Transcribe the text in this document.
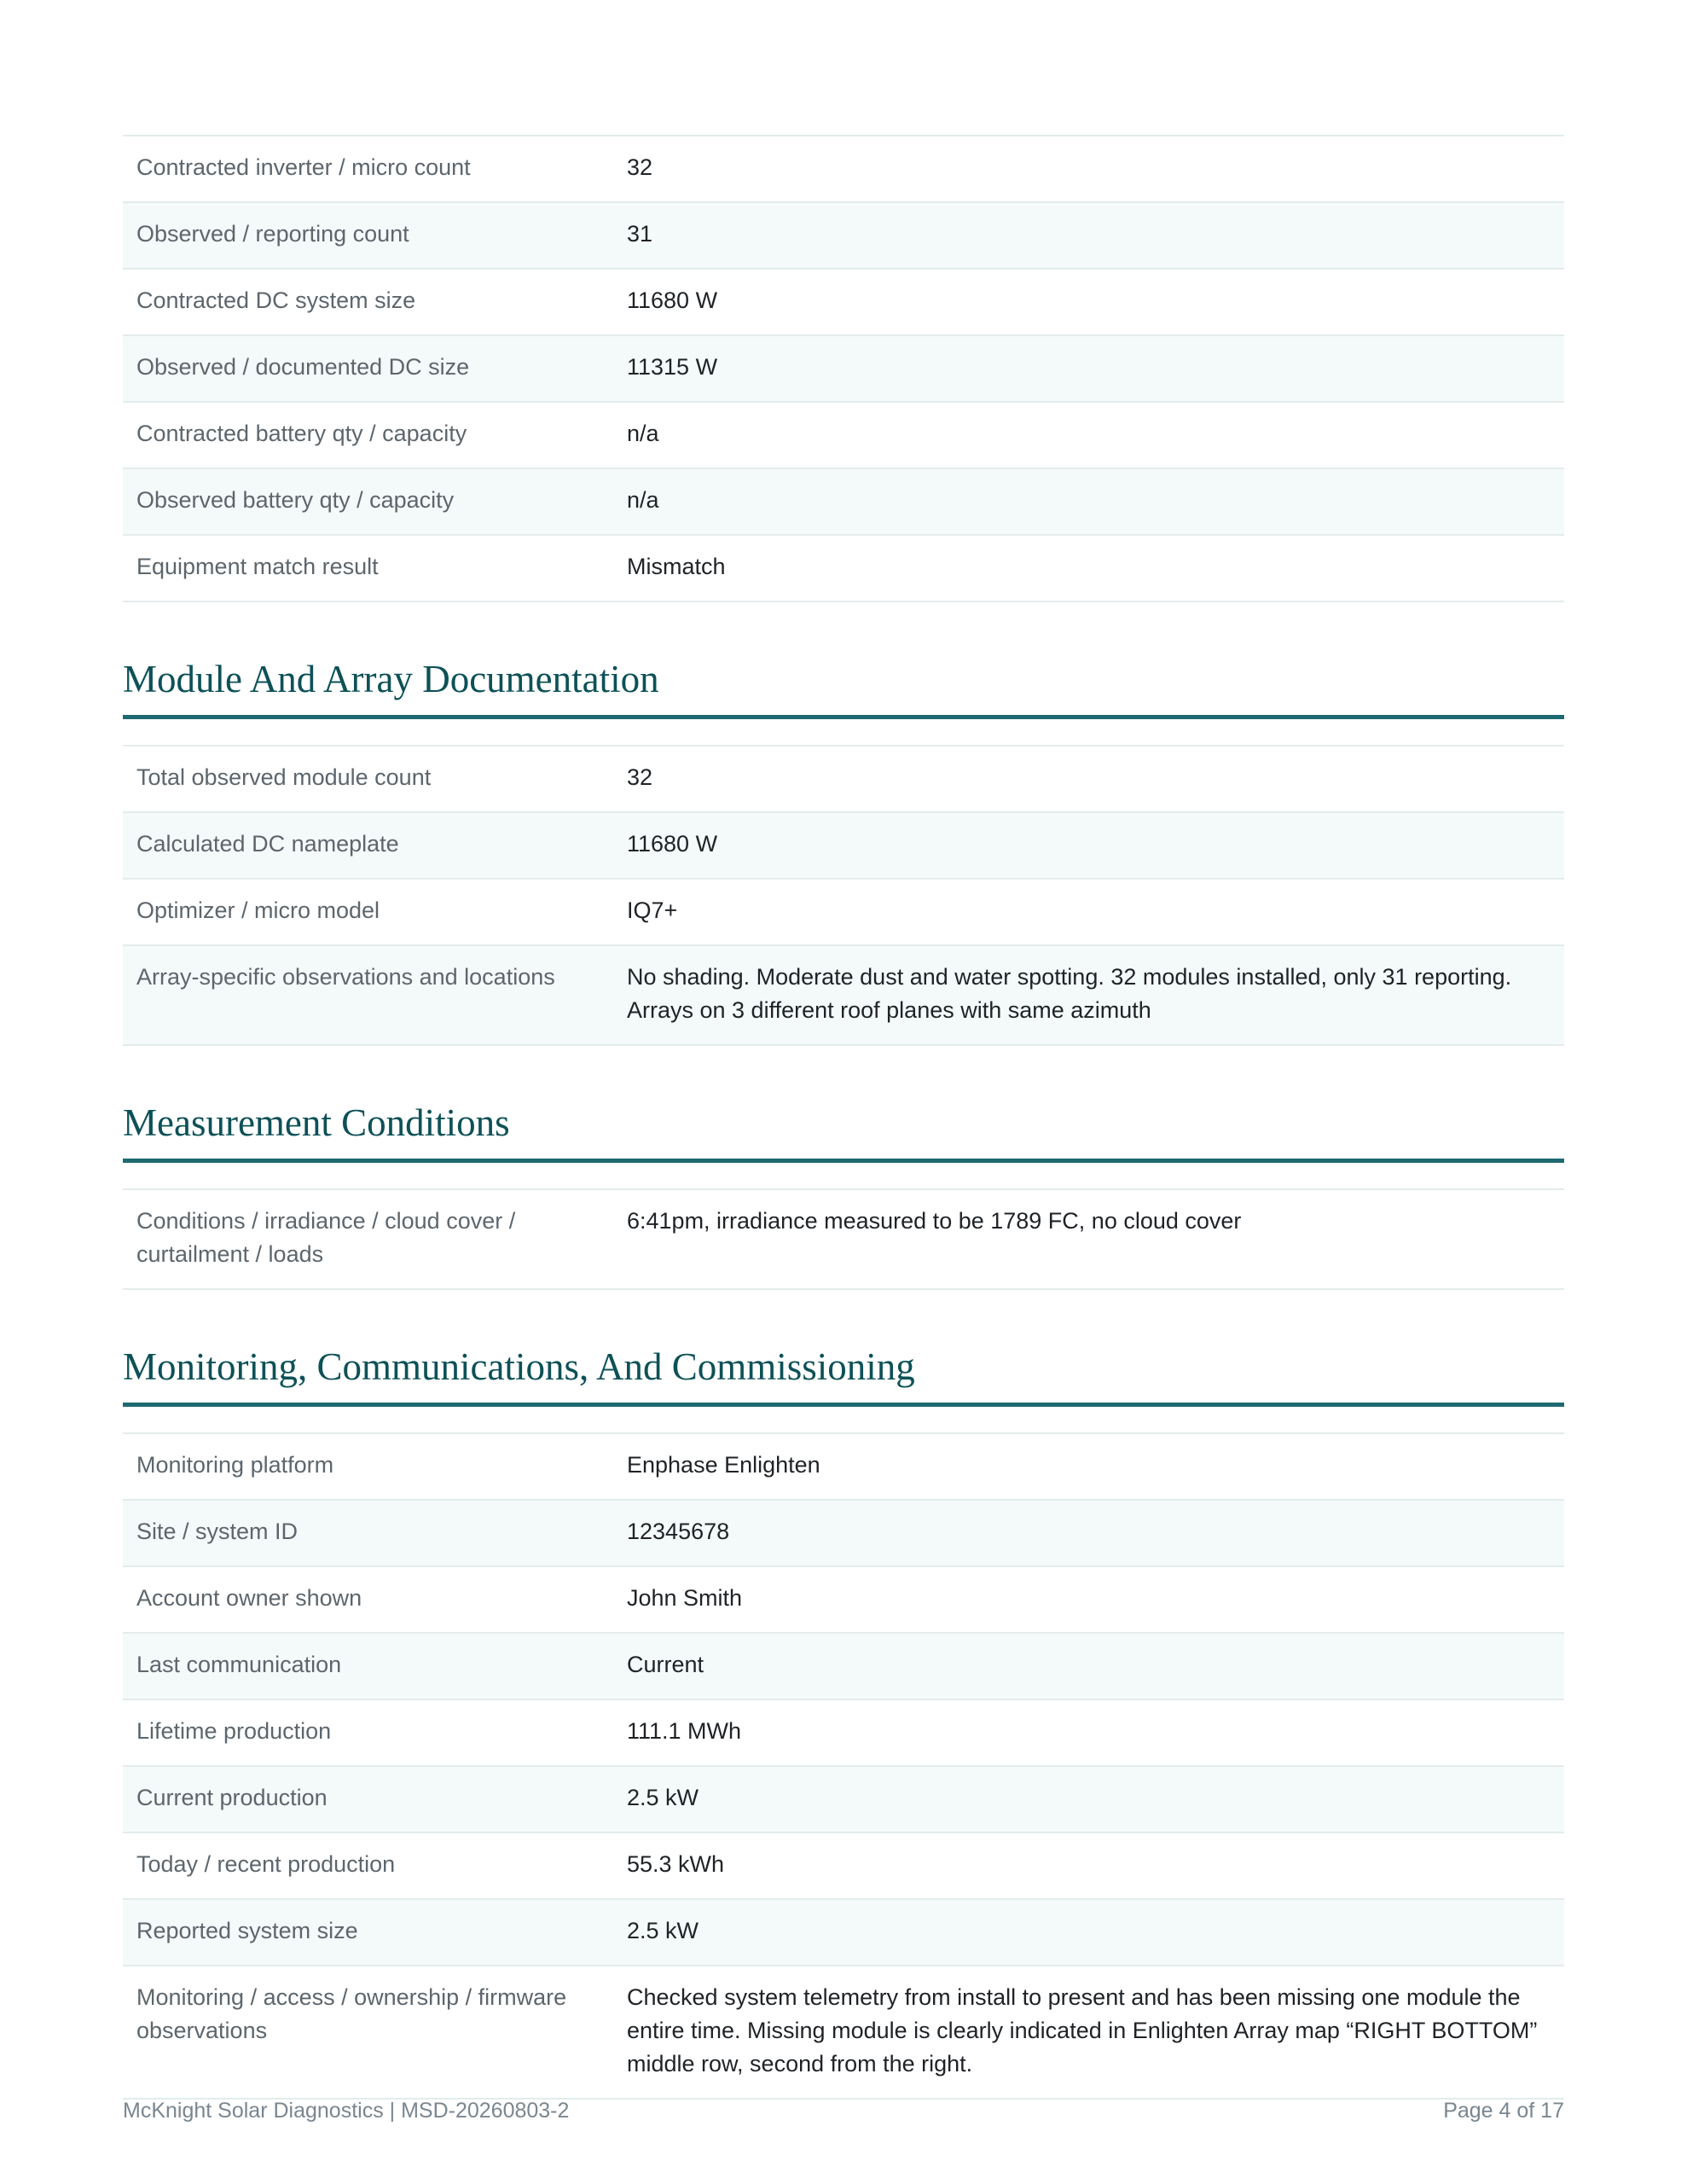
Contracted inverter / micro count	32
Observed / reporting count	31
Contracted DC system size	11680 W
Observed / documented DC size	11315 W
Contracted battery qty / capacity	n/a
Observed battery qty / capacity	n/a
Equipment match result	Mismatch
Module And Array Documentation
Total observed module count	32
Calculated DC nameplate	11680 W
Optimizer / micro model	IQ7+
Array-specific observations and locations	No shading. Moderate dust and water spotting. 32 modules installed, only 31 reporting. Arrays on 3 different roof planes with same azimuth
Measurement Conditions
Conditions / irradiance / cloud cover / curtailment / loads	6:41pm, irradiance measured to be 1789 FC, no cloud cover
Monitoring, Communications, And Commissioning
Monitoring platform	Enphase Enlighten
Site / system ID	12345678
Account owner shown	John Smith
Last communication	Current
Lifetime production	111.1 MWh
Current production	2.5 kW
Today / recent production	55.3 kWh
Reported system size	2.5 kW
Monitoring / access / ownership / firmware observations	Checked system telemetry from install to present and has been missing one module the entire time. Missing module is clearly indicated in Enlighten Array map “RIGHT BOTTOM” middle row, second from the right.
McKnight Solar Diagnostics | MSD-20260803-2	Page 4 of 17
